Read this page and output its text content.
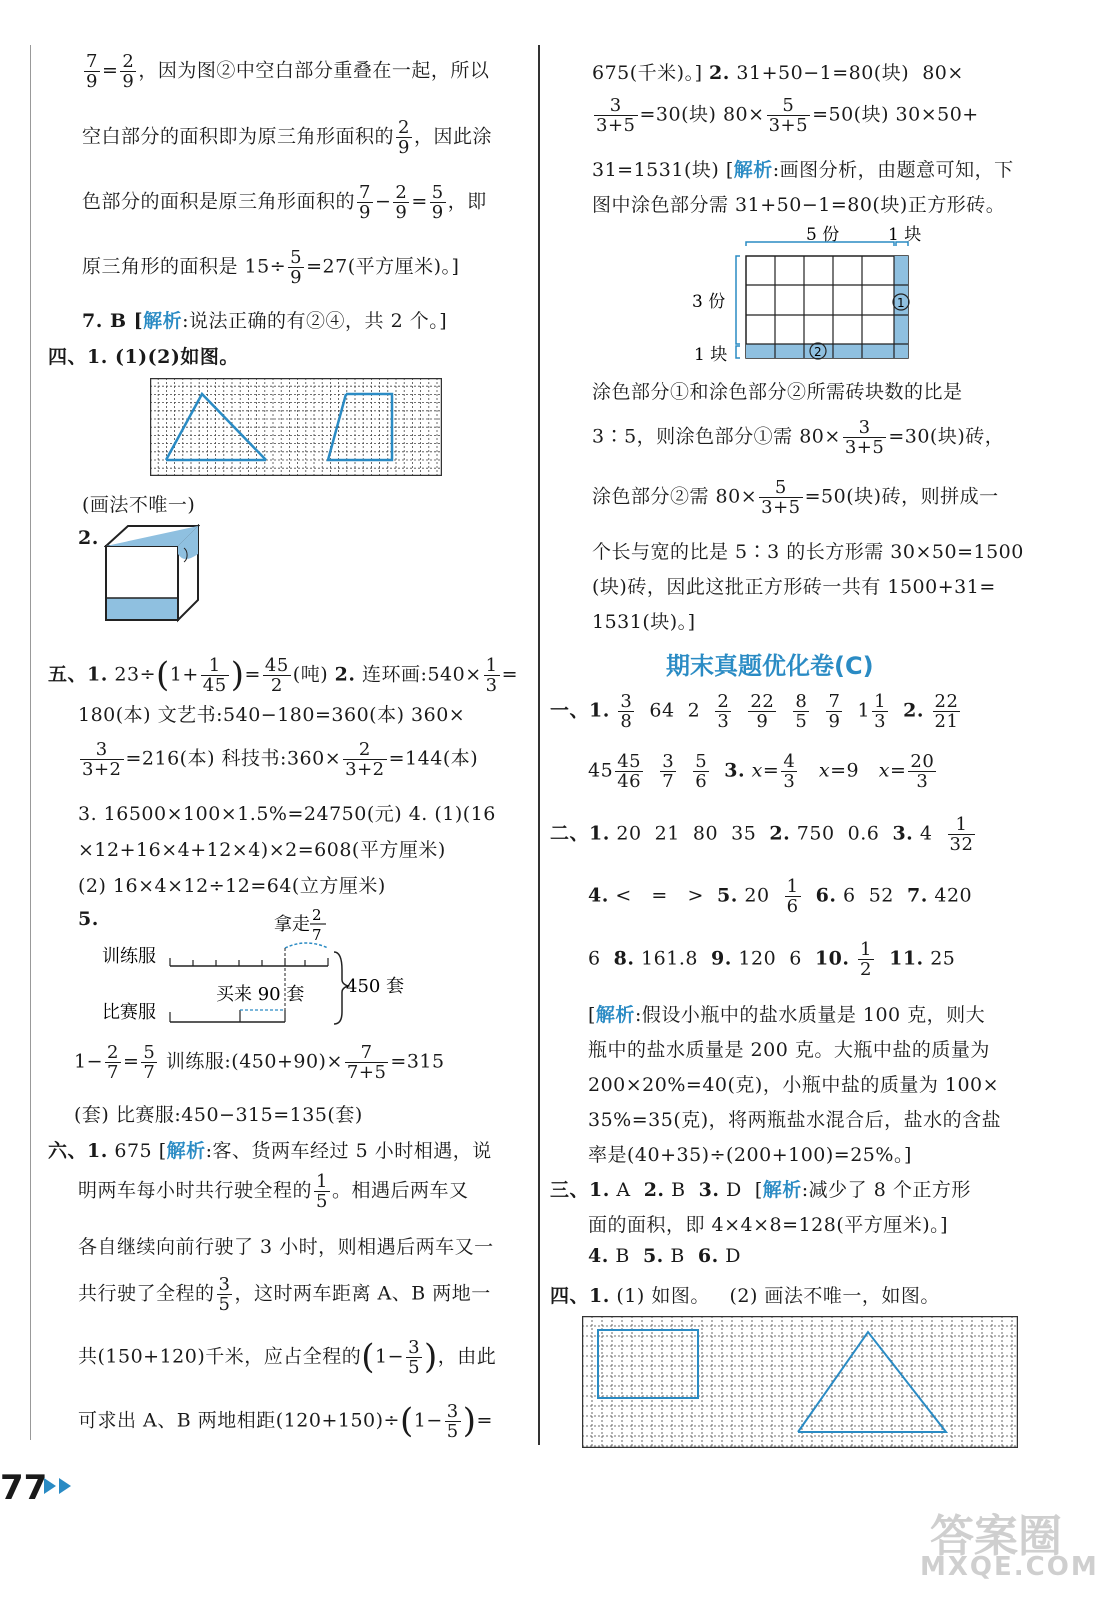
$\frac{7}{9} = \frac{2}{9}$ ，因为图②中空白部分重叠在一起，所以
空白部分的面积即为原三角形面积的 $\frac{2}{9}$ ，因此涂
色部分的面积是原三角形面积的 $\frac{7}{9} - \frac{2}{9} = \frac{5}{9}$ ，即
原三角形的面积是 $15\div \frac{5}{9} =27$(平方厘米)。]
7. B [解析:说法正确的有②④，共 2 个。]
四、1. (1)(2)如图。
(画法不唯一)
2.
五、1. $23\div(1+ \frac{1}{45}$ )= $\frac{45}{2}$ (吨) 2. 连环画:540× $\frac{1}{3}$ =
180(本) 文艺书:540−180=360(本) 360×
$\frac{3}{3+2} =216$(本) 科技书:360× $\frac{2}{3+2} =144$(本)
3. 16500×100×1.5%=24750(元) 4. (1)(16
×12+16×4+12×4)×2=608(平方厘米)
(2) 16×4×12÷12=64(立方厘米)
5.
训练服
比赛服
拿走 2
7
买来 90 套 450 套
$1- \frac{2}{7} = \frac{5}{7}$ 训练服:(450+90)× $\frac{7}{7+5} =315$
(套) 比赛服:450−315=135(套)
六、1. 675 [解析:客、货两车经过 5 小时相遇，说
明两车每小时共行驶全程的 $\frac{1}{5}$ 。相遇后两车又
各自继续向前行驶了 3 小时，则相遇后两车又一
共行驶了全程的 $\frac{3}{5}$ ，这时两车距离 A、B 两地一
共(150+120)千米，应占全程的($1- \frac{3}{5}$ )，由此
可求出 A、B 两地相距$(120+150)\div(1- \frac{3}{5}$ )=
675(千米)。] 2. 31+50−1=80(块)  80×
$\frac{3}{3+5} =30$(块) $80\times \frac{5}{3+5} =50$(块) 30×50+
31=1531(块) [解析:画图分析，由题意可知，下
图中涂色部分需 31+50−1=80(块)正方形砖。
5 份	1 块
3 份
1 块
1
2
涂色部分①和涂色部分②所需砖块数的比是
3∶5，则涂色部分①需 $80\times \frac{3}{3+5} =30$(块)砖，
涂色部分②需 $80\times \frac{5}{3+5} =50$(块)砖，则拼成一
个长与宽的比是 5∶3 的长方形需 30×50=1500
(块)砖，因此这批正方形砖一共有 1500+31=
1531(块)。]
期末真题优化卷(C)
一、1. $\frac{3}{8} 64$  $2 \frac{2}{3}$
$\frac{22}{9}$
$\frac{8}{5}$
$\frac{7}{9} 1 \frac{1}{3} 2$. $\frac{22}{21}$
$45 \frac{45}{46}$
$\frac{3}{7}$
$\frac{5}{6} 3$. $x= \frac{4}{3} x=9$   $x= \frac{20}{3}$
二、1. 20  21  80  35  2. 750  0.6  3. $4 \frac{1}{32}$
4. <   =   >  5. $20 \frac{1}{6} 6$. 6  52  7. 420
6  8. 161.8  9. 120  6  10. $\frac{1}{2} 11$. 25
[解析:假设小瓶中的盐水质量是 100 克，则大
瓶中的盐水质量是 200 克。大瓶中盐的质量为
200×20%=40(克)，小瓶中盐的质量为 100×
35%=35(克)，将两瓶盐水混合后，盐水的含盐
率是(40+35)÷(200+100)=25%。]
三、1. A  2. B  3. D  [解析:减少了 8 个正方形
面的面积，即 4×4×8=128(平方厘米)。]
4. B  5. B  6. D
四、1. (1) 如图。   (2) 画法不唯一，如图。
77
答案圈
MXQE.COM
